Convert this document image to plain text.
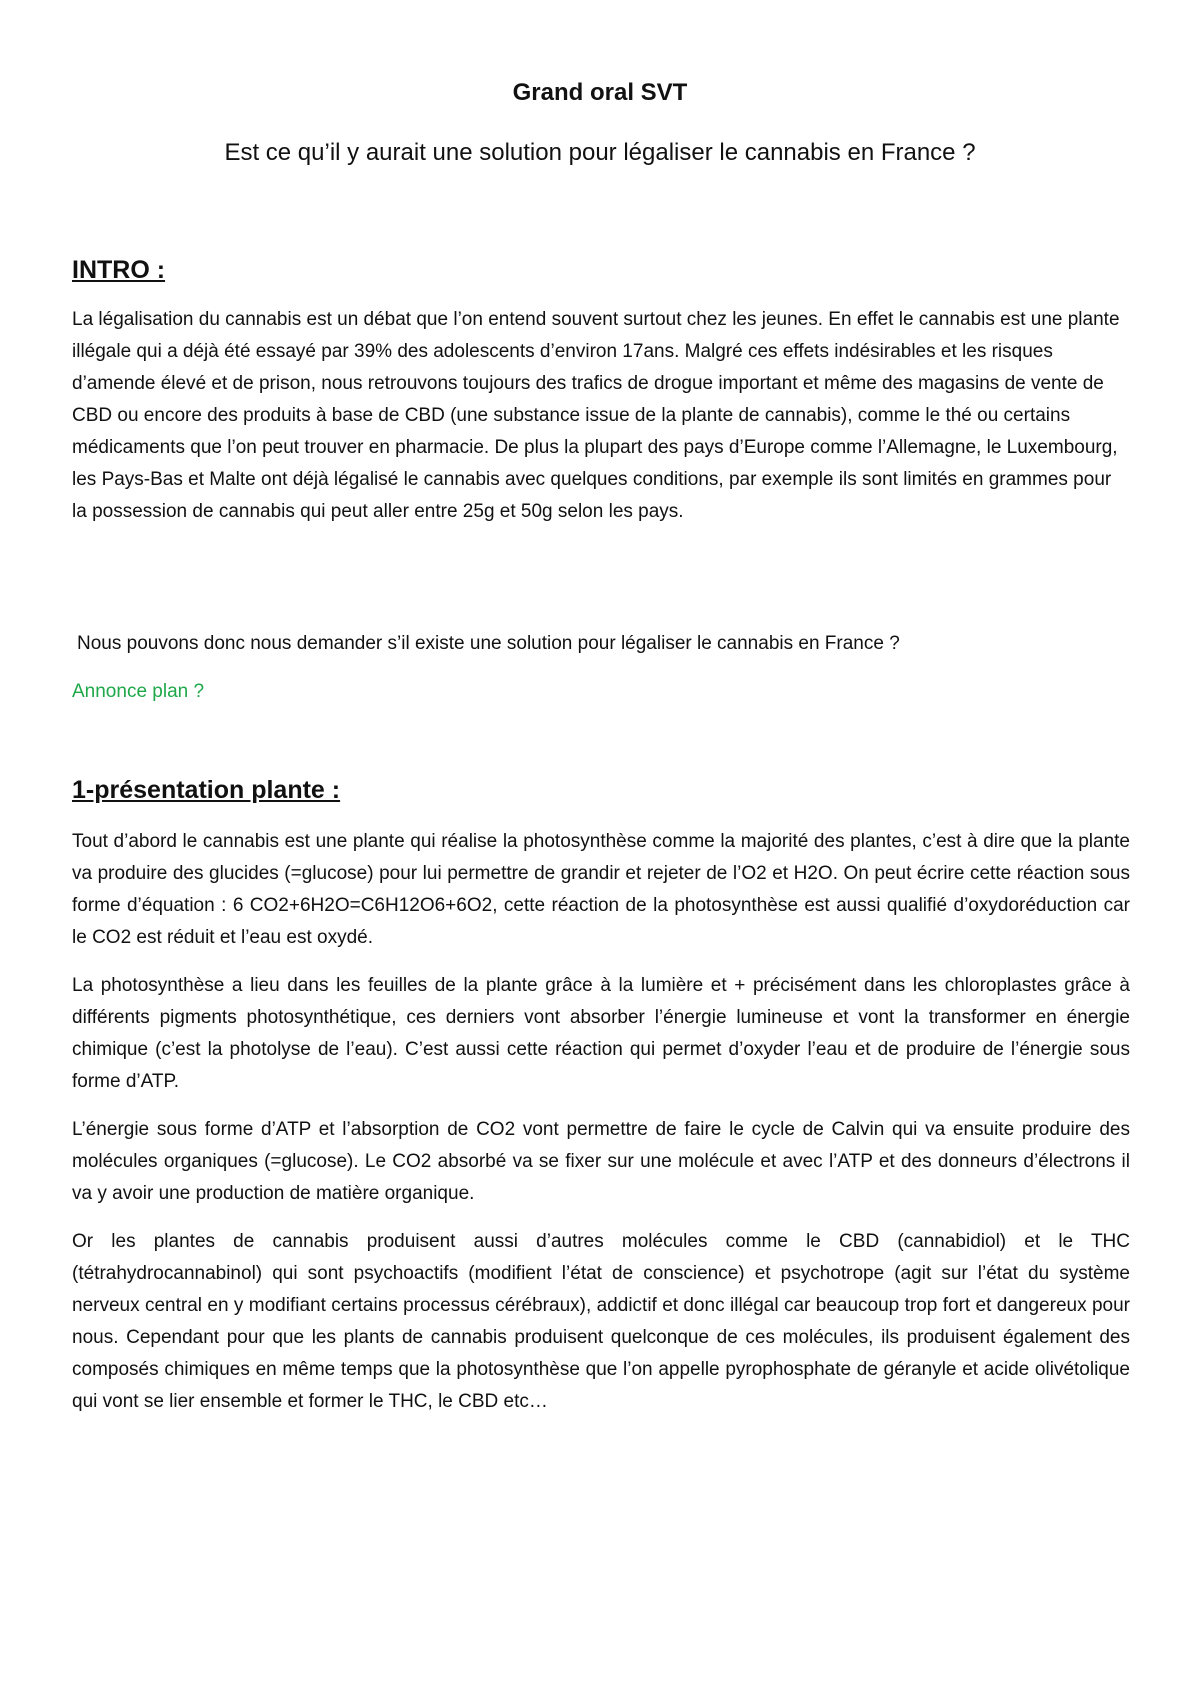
Grand oral SVT
Est ce qu’il y aurait une solution pour légaliser le cannabis en France ?
INTRO :

La légalisation du cannabis est un débat que l’on entend souvent surtout chez les jeunes. En effet le cannabis est une plante illégale qui a déjà été essayé par 39% des adolescents d’environ 17ans. Malgré ces effets indésirables et les risques d’amende élevé et de prison, nous retrouvons toujours des trafics de drogue important et même des magasins de vente de CBD ou encore des produits à base de CBD (une substance issue de la plante de cannabis), comme le thé ou certains médicaments que l’on peut trouver en pharmacie. De plus la plupart des pays d’Europe comme l’Allemagne, le Luxembourg, les Pays-Bas et Malte ont déjà légalisé le cannabis avec quelques conditions, par exemple ils sont limités en grammes pour la possession de cannabis qui peut aller entre 25g et 50g selon les pays.

Nous pouvons donc nous demander s’il existe une solution pour légaliser le cannabis en France ?

Annonce plan ?

1-présentation plante :

Tout d’abord le cannabis est une plante qui réalise la photosynthèse comme la majorité des plantes, c’est à dire que la plante va produire des glucides (=glucose) pour lui permettre de grandir et rejeter de l’O2 et H2O. On peut écrire cette réaction sous forme d’équation : 6 CO2+6H2O=C6H12O6+6O2, cette réaction de la photosynthèse est aussi qualifié d’oxydoréduction car le CO2 est réduit et l’eau est oxydé.

La photosynthèse a lieu dans les feuilles de la plante grâce à la lumière et + précisément dans les chloroplastes grâce à différents pigments photosynthétique, ces derniers vont absorber l’énergie lumineuse et vont la transformer en énergie chimique (c’est la photolyse de l’eau). C’est aussi cette réaction qui permet d’oxyder l’eau et de produire de l’énergie sous forme d’ATP.

L’énergie sous forme d’ATP et l’absorption de CO2 vont permettre de faire le cycle de Calvin qui va ensuite produire des molécules organiques (=glucose). Le CO2 absorbé va se fixer sur une molécule et avec l’ATP et des donneurs d’électrons il va y avoir une production de matière organique.

Or les plantes de cannabis produisent aussi d’autres molécules comme le CBD (cannabidiol) et le THC (tétrahydrocannabinol) qui sont psychoactifs (modifient l’état de conscience) et psychotrope (agit sur l’état du système nerveux central en y modifiant certains processus cérébraux), addictif et donc illégal car beaucoup trop fort et dangereux pour nous. Cependant pour que les plants de cannabis produisent quelconque de ces molécules, ils produisent également des composés chimiques en même temps que la photosynthèse que l’on appelle pyrophosphate de géranyle et acide olivétolique qui vont se lier ensemble et former le THC, le CBD etc…
